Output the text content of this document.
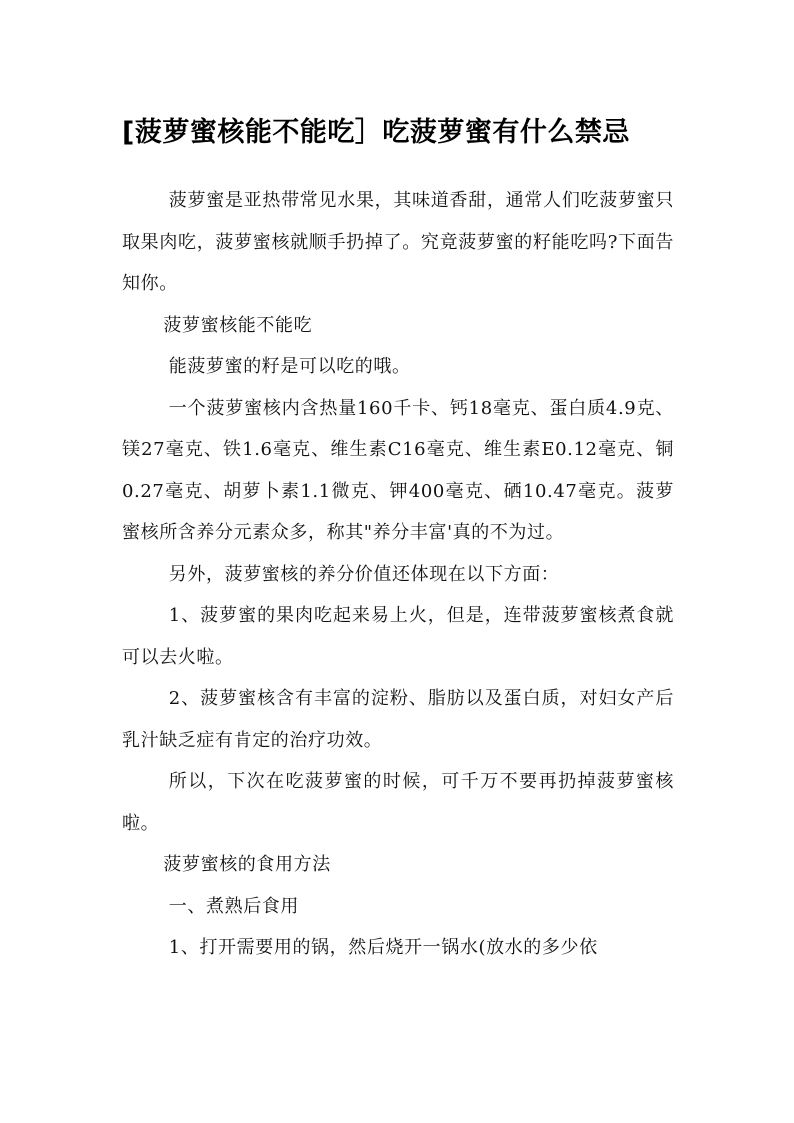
[菠萝蜜核能不能吃］吃菠萝蜜有什么禁忌

菠萝蜜是亚热带常见水果，其味道香甜，通常人们吃菠萝蜜只取果肉吃，菠萝蜜核就顺手扔掉了。究竟菠萝蜜的籽能吃吗?下面告知你。

菠萝蜜核能不能吃

能菠萝蜜的籽是可以吃的哦。

一个菠萝蜜核内含热量160千卡、钙18毫克、蛋白质4.9克、镁27毫克、铁1.6毫克、维生素C16毫克、维生素E0.12毫克、铜0.27毫克、胡萝卜素1.1微克、钾400毫克、硒10.47毫克。菠萝蜜核所含养分元素众多，称其"养分丰富'真的不为过。

另外，菠萝蜜核的养分价值还体现在以下方面：

1、菠萝蜜的果肉吃起来易上火，但是，连带菠萝蜜核煮食就可以去火啦。

2、菠萝蜜核含有丰富的淀粉、脂肪以及蛋白质，对妇女产后乳汁缺乏症有肯定的治疗功效。

所以，下次在吃菠萝蜜的时候，可千万不要再扔掉菠萝蜜核啦。

菠萝蜜核的食用方法

一、煮熟后食用

1、打开需要用的锅，然后烧开一锅水(放水的多少依
